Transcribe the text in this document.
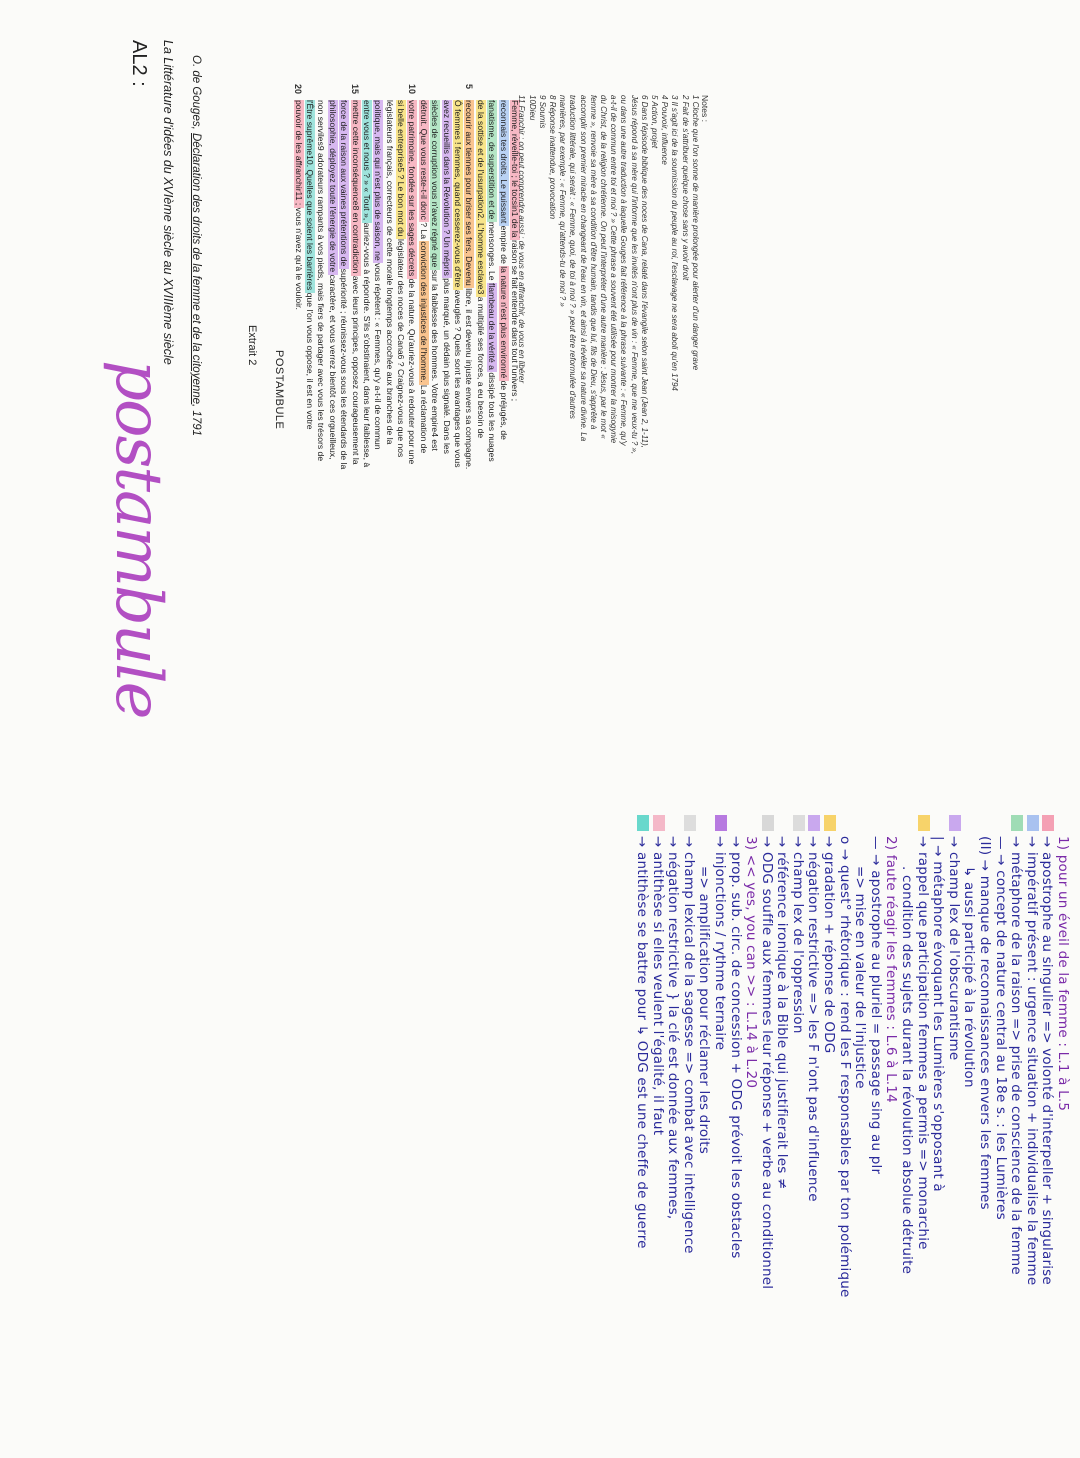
AL2 : La Littérature d'idées du XVIème siècle au XVIIIème siècle O. de Gouges, Déclaration des droits de la femme et de la citoyenne, 1791
postambule
Extrait 2
POSTAMBULE
Femme, réveille-toi ; le tocsin1 de la raison se fait entendre dans tout l'univers ;
reconnais tes droits. Le puissant empire de la nature n'est plus environné de préjugés, de
fanatisme, de superstition et de mensonges. Le flambeau de la vérité a dissipé tous les nuages
de la sottise et de l'usurpation2. L'homme esclave3 a multiplié ses forces, a eu besoin de
recourir aux tiennes pour briser ses fers. Devenu libre, il est devenu injuste envers sa compagne.
Ô femmes ! femmes, quand cesserez-vous d'être aveugles ? Quels sont les avantages que vous
avez recueillis dans la Révolution ? Un mépris plus marqué, un dédain plus signalé. Dans les
siècles de corruption vous n'avez régné que sur la faiblesse des hommes. Votre empire4 est
détruit. Que vous reste-t-il donc ? La conviction des injustices de l'homme. La réclamation de
votre patrimoine, fondée sur les sages décrets de la nature. Qu'auriez-vous à redouter pour une
si belle entreprise5 ? Le bon mot du législateur des noces de Cana6 ? Craignez-vous que nos
législateurs français, correcteurs de cette morale longtemps accrochée aux branches de la
politique, mais qui n'est plus de saison, ne vous répètent : « Femmes, qu'y a-t-il de commun
entre vous et nous ? » « Tout », auriez-vous à répondre. S'ils s'obstinaient, dans leur faiblesse, à
mettre cette inconséquence8 en contradiction avec leurs principes, opposez courageusement la
force de la raison aux vaines prétentions de supériorité ; réunissez-vous sous les étendards de la
philosophie, déployez toute l'énergie de votre caractère, et vous verrez bientôt ces orgueilleux,
non serviles9 adorateurs rampants à vos pieds, mais fiers de partager avec vous les trésors de
l'Être suprême10. Quelles que soient les barrières que l'on vous oppose, il est en votre
pouvoir de les affranchir11 ; vous n'avez qu'à le vouloir.
5
10
15
20
Notes :
1 Cloche que l'on sonne de manière prolongée pour alerter d'un danger grave
2 Fait de s'attribuer quelque chose sans y avoir droit
3 Il s'agit ici de la soumission du peuple au roi, l'esclavage ne sera aboli qu'en 1794
4 Pouvoir, influence
5 Action, projet
6 Dans l'épisode biblique des noces de Cana, relaté dans l'évangile selon saint Jean (Jean 2, 1-11),
Jésus répond à sa mère qui l'informe que les invités n'ont plus de vin : « Femme, que me veux-tu ? »,
ou dans une autre traduction à laquelle Gouges fait référence à la phrase suivante : « Femme, qu'y
a-t-il de commun entre toi et moi ? » Cette phrase a souvent été utilisée pour montrer la misogynie
du Christ, de la religion chrétienne. On peut l'interpréter d'une autre manière : Jésus, par le mot «
femme », renvoie sa mère à sa condition d'être humain, tandis que lui, fils de Dieu, s'apprête à
accomplir son premier miracle en changeant de l'eau en vin, et ainsi à révéler sa nature divine. La
traduction littérale, qui serait : « Femme, quoi, de toi à moi ? » peut être reformulée d'autres
manières, par exemple : « Femme, qu'attends-tu de moi ? »
8 Réponse inattendue, provocation
9 Soumis
10Dieu
11 Franchir : on peut comprendre aussi : de vous en affranchir, de vous en libérer
1) pour un éveil de la femme : L.1 à L.5
→ apostrophe au singulier => volonté d'interpeller + singularise
→ impératif présent : urgence situation + individualise la femme
→ métaphore de la raison => prise de conscience de la femme
— → concept de nature central au 18e s. : les Lumières
(II) → manque de reconnaissances envers les femmes
↳ aussi participé à la révolution
→ champ lex de l'obscurantisme
| → métaphore évoquant les Lumières s'opposant à
→ rappel que participation femmes a permis => monarchie
. condition des sujets durant la révolution absolue détruite
2) faute réagir les femmes : L.6 à L.14
— → apostrophe au pluriel = passage sing au plr
=> mise en valeur de l'injustice
o → quest° rhétorique : rend les F responsables par ton polémique
→ gradation + réponse de ODG
→ négation restrictive => les F n'ont pas d'influence
→ champ lex de l'oppression
→ référence ironique à la Bible qui justifierait les ≠
→ ODG souffle aux femmes leur réponse + verbe au conditionnel
3) << yes, you can >> : L.14 à L.20
→ prop. sub. circ. de concession + ODG prévoit les obstacles
→ injonctions / rythme ternaire
=> amplification pour réclamer les droits
→ champ lexical de la sagesse => combat avec intelligence
→ négation restrictive } la clé est donnée aux femmes,
→ antithèse si elles veulent l'égalité, il faut
→ antithèse se battre pour ↳ ODG est une cheffe de guerre
